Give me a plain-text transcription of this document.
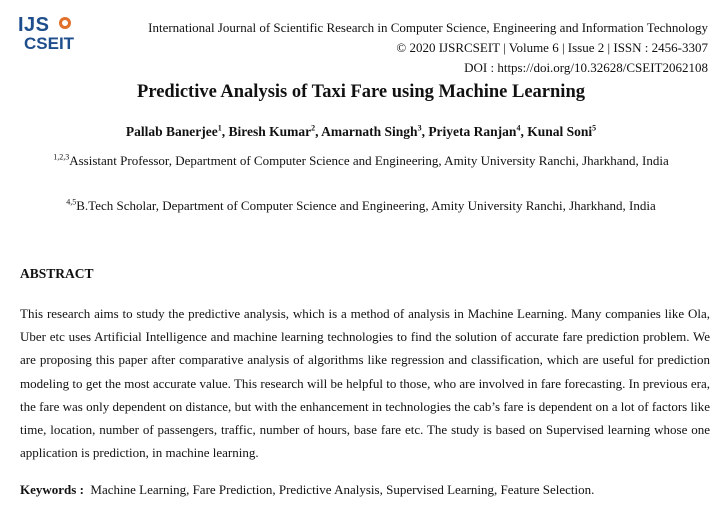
IJS
CSEIT
International Journal of Scientific Research in Computer Science, Engineering and Information Technology
© 2020 IJSRCSEIT | Volume 6 | Issue 2 | ISSN : 2456-3307
DOI : https://doi.org/10.32628/CSEIT2062108
Predictive Analysis of Taxi Fare using Machine Learning
Pallab Banerjee$^1$, Biresh Kumar$^2$, Amarnath Singh$^3$, Priyeta Ranjan$^4$, Kunal Soni$^5$
$^{1,2,3}$Assistant Professor, Department of Computer Science and Engineering, Amity University Ranchi, Jharkhand, India
$^{4,5}$B.Tech Scholar, Department of Computer Science and Engineering, Amity University Ranchi, Jharkhand, India
ABSTRACT
This research aims to study the predictive analysis, which is a method of analysis in Machine Learning. Many companies like Ola, Uber etc uses Artificial Intelligence and machine learning technologies to find the solution of accurate fare prediction problem. We are proposing this paper after comparative analysis of algorithms like regression and classification, which are useful for prediction modeling to get the most accurate value. This research will be helpful to those, who are involved in fare forecasting. In previous era, the fare was only dependent on distance, but with the enhancement in technologies the cab’s fare is dependent on a lot of factors like time, location, number of passengers, traffic, number of hours, base fare etc. The study is based on Supervised learning whose one application is prediction, in machine learning.
Keywords : Machine Learning, Fare Prediction, Predictive Analysis, Supervised Learning, Feature Selection.
